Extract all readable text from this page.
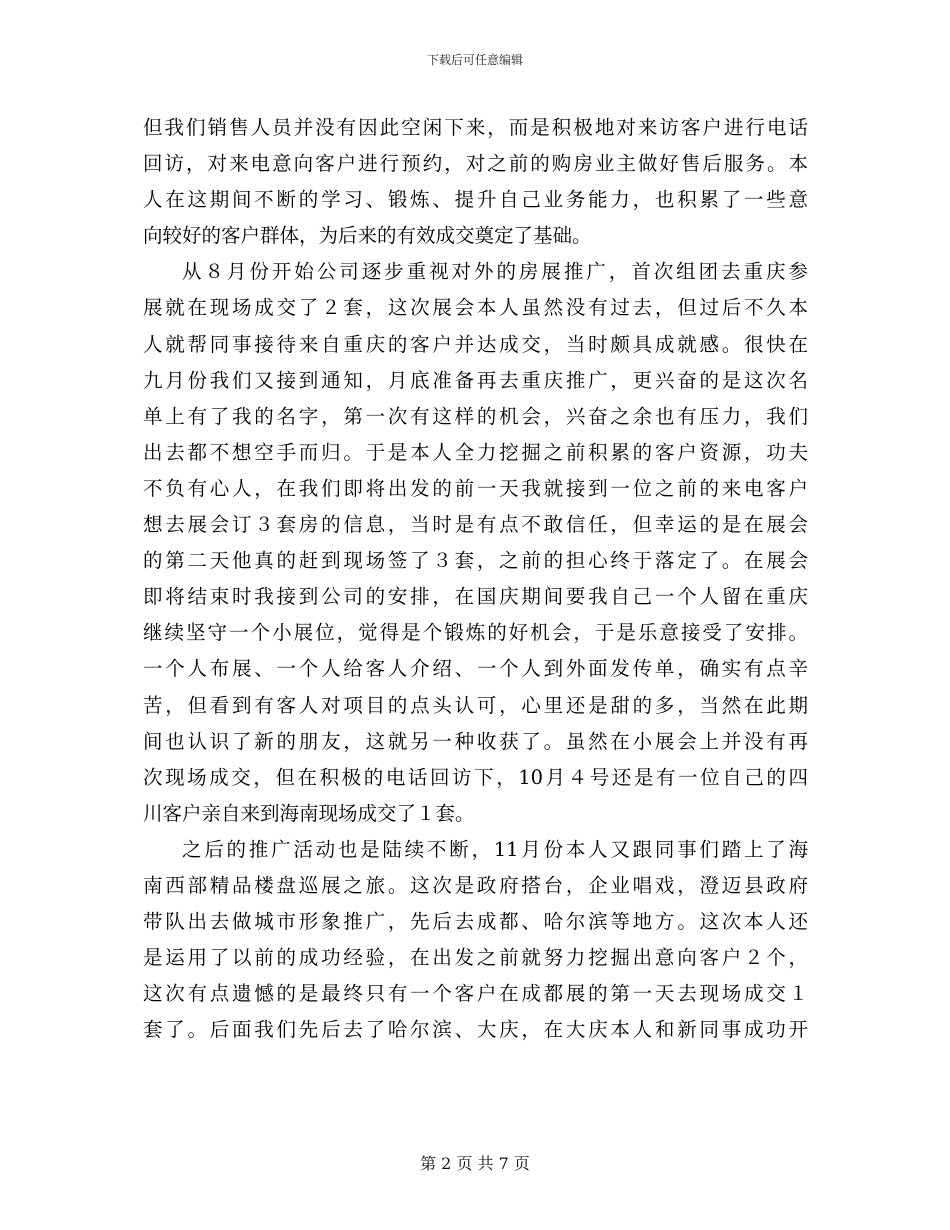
下载后可任意编辑
但我们销售人员并没有因此空闲下来，而是积极地对来访客户进行电话
回访，对来电意向客户进行预约，对之前的购房业主做好售后服务。本
人在这期间不断的学习、锻炼、提升自己业务能力，也积累了一些意
向较好的客户群体，为后来的有效成交奠定了基础。
从８月份开始公司逐步重视对外的房展推广，首次组团去重庆参
展就在现场成交了２套，这次展会本人虽然没有过去，但过后不久本
人就帮同事接待来自重庆的客户并达成交，当时颇具成就感。很快在
九月份我们又接到通知，月底准备再去重庆推广，更兴奋的是这次名
单上有了我的名字，第一次有这样的机会，兴奋之余也有压力，我们
出去都不想空手而归。于是本人全力挖掘之前积累的客户资源，功夫
不负有心人，在我们即将出发的前一天我就接到一位之前的来电客户
想去展会订３套房的信息，当时是有点不敢信任，但幸运的是在展会
的第二天他真的赶到现场签了３套，之前的担心终于落定了。在展会
即将结束时我接到公司的安排，在国庆期间要我自己一个人留在重庆
继续坚守一个小展位，觉得是个锻炼的好机会，于是乐意接受了安排。
一个人布展、一个人给客人介绍、一个人到外面发传单，确实有点辛
苦，但看到有客人对项目的点头认可，心里还是甜的多，当然在此期
间也认识了新的朋友，这就另一种收获了。虽然在小展会上并没有再
次现场成交，但在积极的电话回访下，10月４号还是有一位自己的四
川客户亲自来到海南现场成交了１套。
之后的推广活动也是陆续不断，11月份本人又跟同事们踏上了海
南西部精品楼盘巡展之旅。这次是政府搭台，企业唱戏，澄迈县政府
带队出去做城市形象推广，先后去成都、哈尔滨等地方。这次本人还
是运用了以前的成功经验，在出发之前就努力挖掘出意向客户２个，
这次有点遗憾的是最终只有一个客户在成都展的第一天去现场成交１
套了。后面我们先后去了哈尔滨、大庆，在大庆本人和新同事成功开
第 2 页 共 7 页
